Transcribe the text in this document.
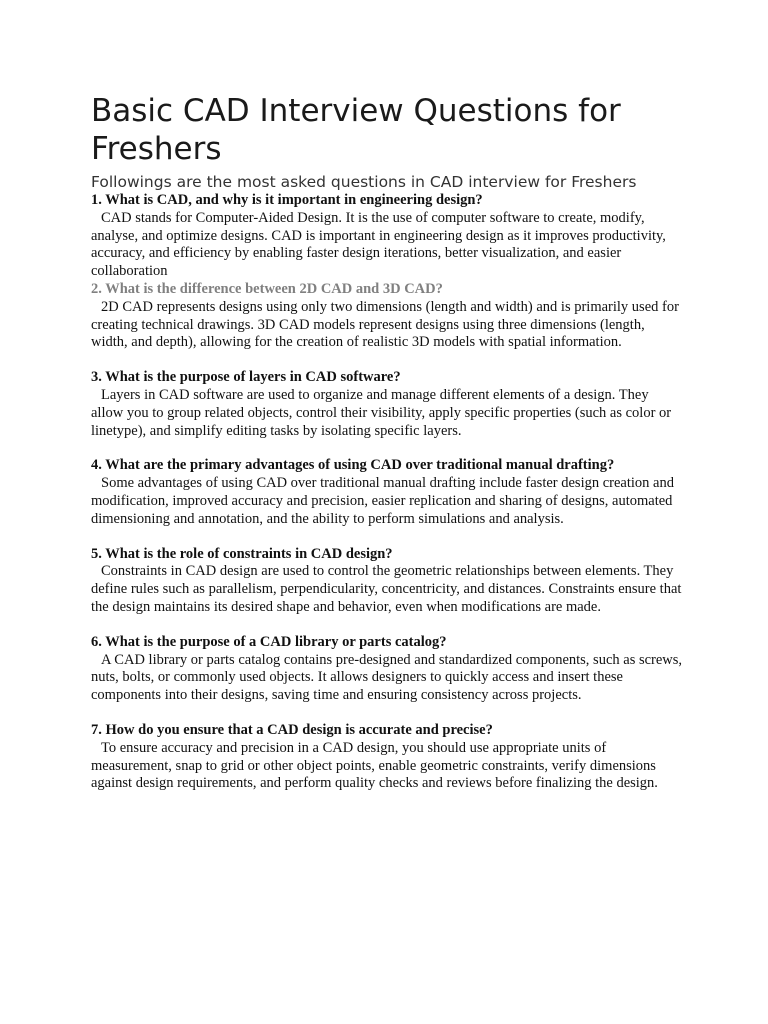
Basic CAD Interview Questions for Freshers
Followings are the most asked questions in CAD interview for Freshers

1. What is CAD, and why is it important in engineering design?

CAD stands for Computer-Aided Design. It is the use of computer software to create, modify, analyse, and optimize designs. CAD is important in engineering design as it improves productivity, accuracy, and efficiency by enabling faster design iterations, better visualization, and easier collaboration

2. What is the difference between 2D CAD and 3D CAD?

2D CAD represents designs using only two dimensions (length and width) and is primarily used for creating technical drawings. 3D CAD models represent designs using three dimensions (length, width, and depth), allowing for the creation of realistic 3D models with spatial information.

3. What is the purpose of layers in CAD software?

Layers in CAD software are used to organize and manage different elements of a design. They allow you to group related objects, control their visibility, apply specific properties (such as color or linetype), and simplify editing tasks by isolating specific layers.

4. What are the primary advantages of using CAD over traditional manual drafting?

Some advantages of using CAD over traditional manual drafting include faster design creation and modification, improved accuracy and precision, easier replication and sharing of designs, automated dimensioning and annotation, and the ability to perform simulations and analysis.

5. What is the role of constraints in CAD design?

Constraints in CAD design are used to control the geometric relationships between elements. They define rules such as parallelism, perpendicularity, concentricity, and distances. Constraints ensure that the design maintains its desired shape and behavior, even when modifications are made.

6. What is the purpose of a CAD library or parts catalog?

A CAD library or parts catalog contains pre-designed and standardized components, such as screws, nuts, bolts, or commonly used objects. It allows designers to quickly access and insert these components into their designs, saving time and ensuring consistency across projects.

7. How do you ensure that a CAD design is accurate and precise?

To ensure accuracy and precision in a CAD design, you should use appropriate units of measurement, snap to grid or other object points, enable geometric constraints, verify dimensions against design requirements, and perform quality checks and reviews before finalizing the design.
